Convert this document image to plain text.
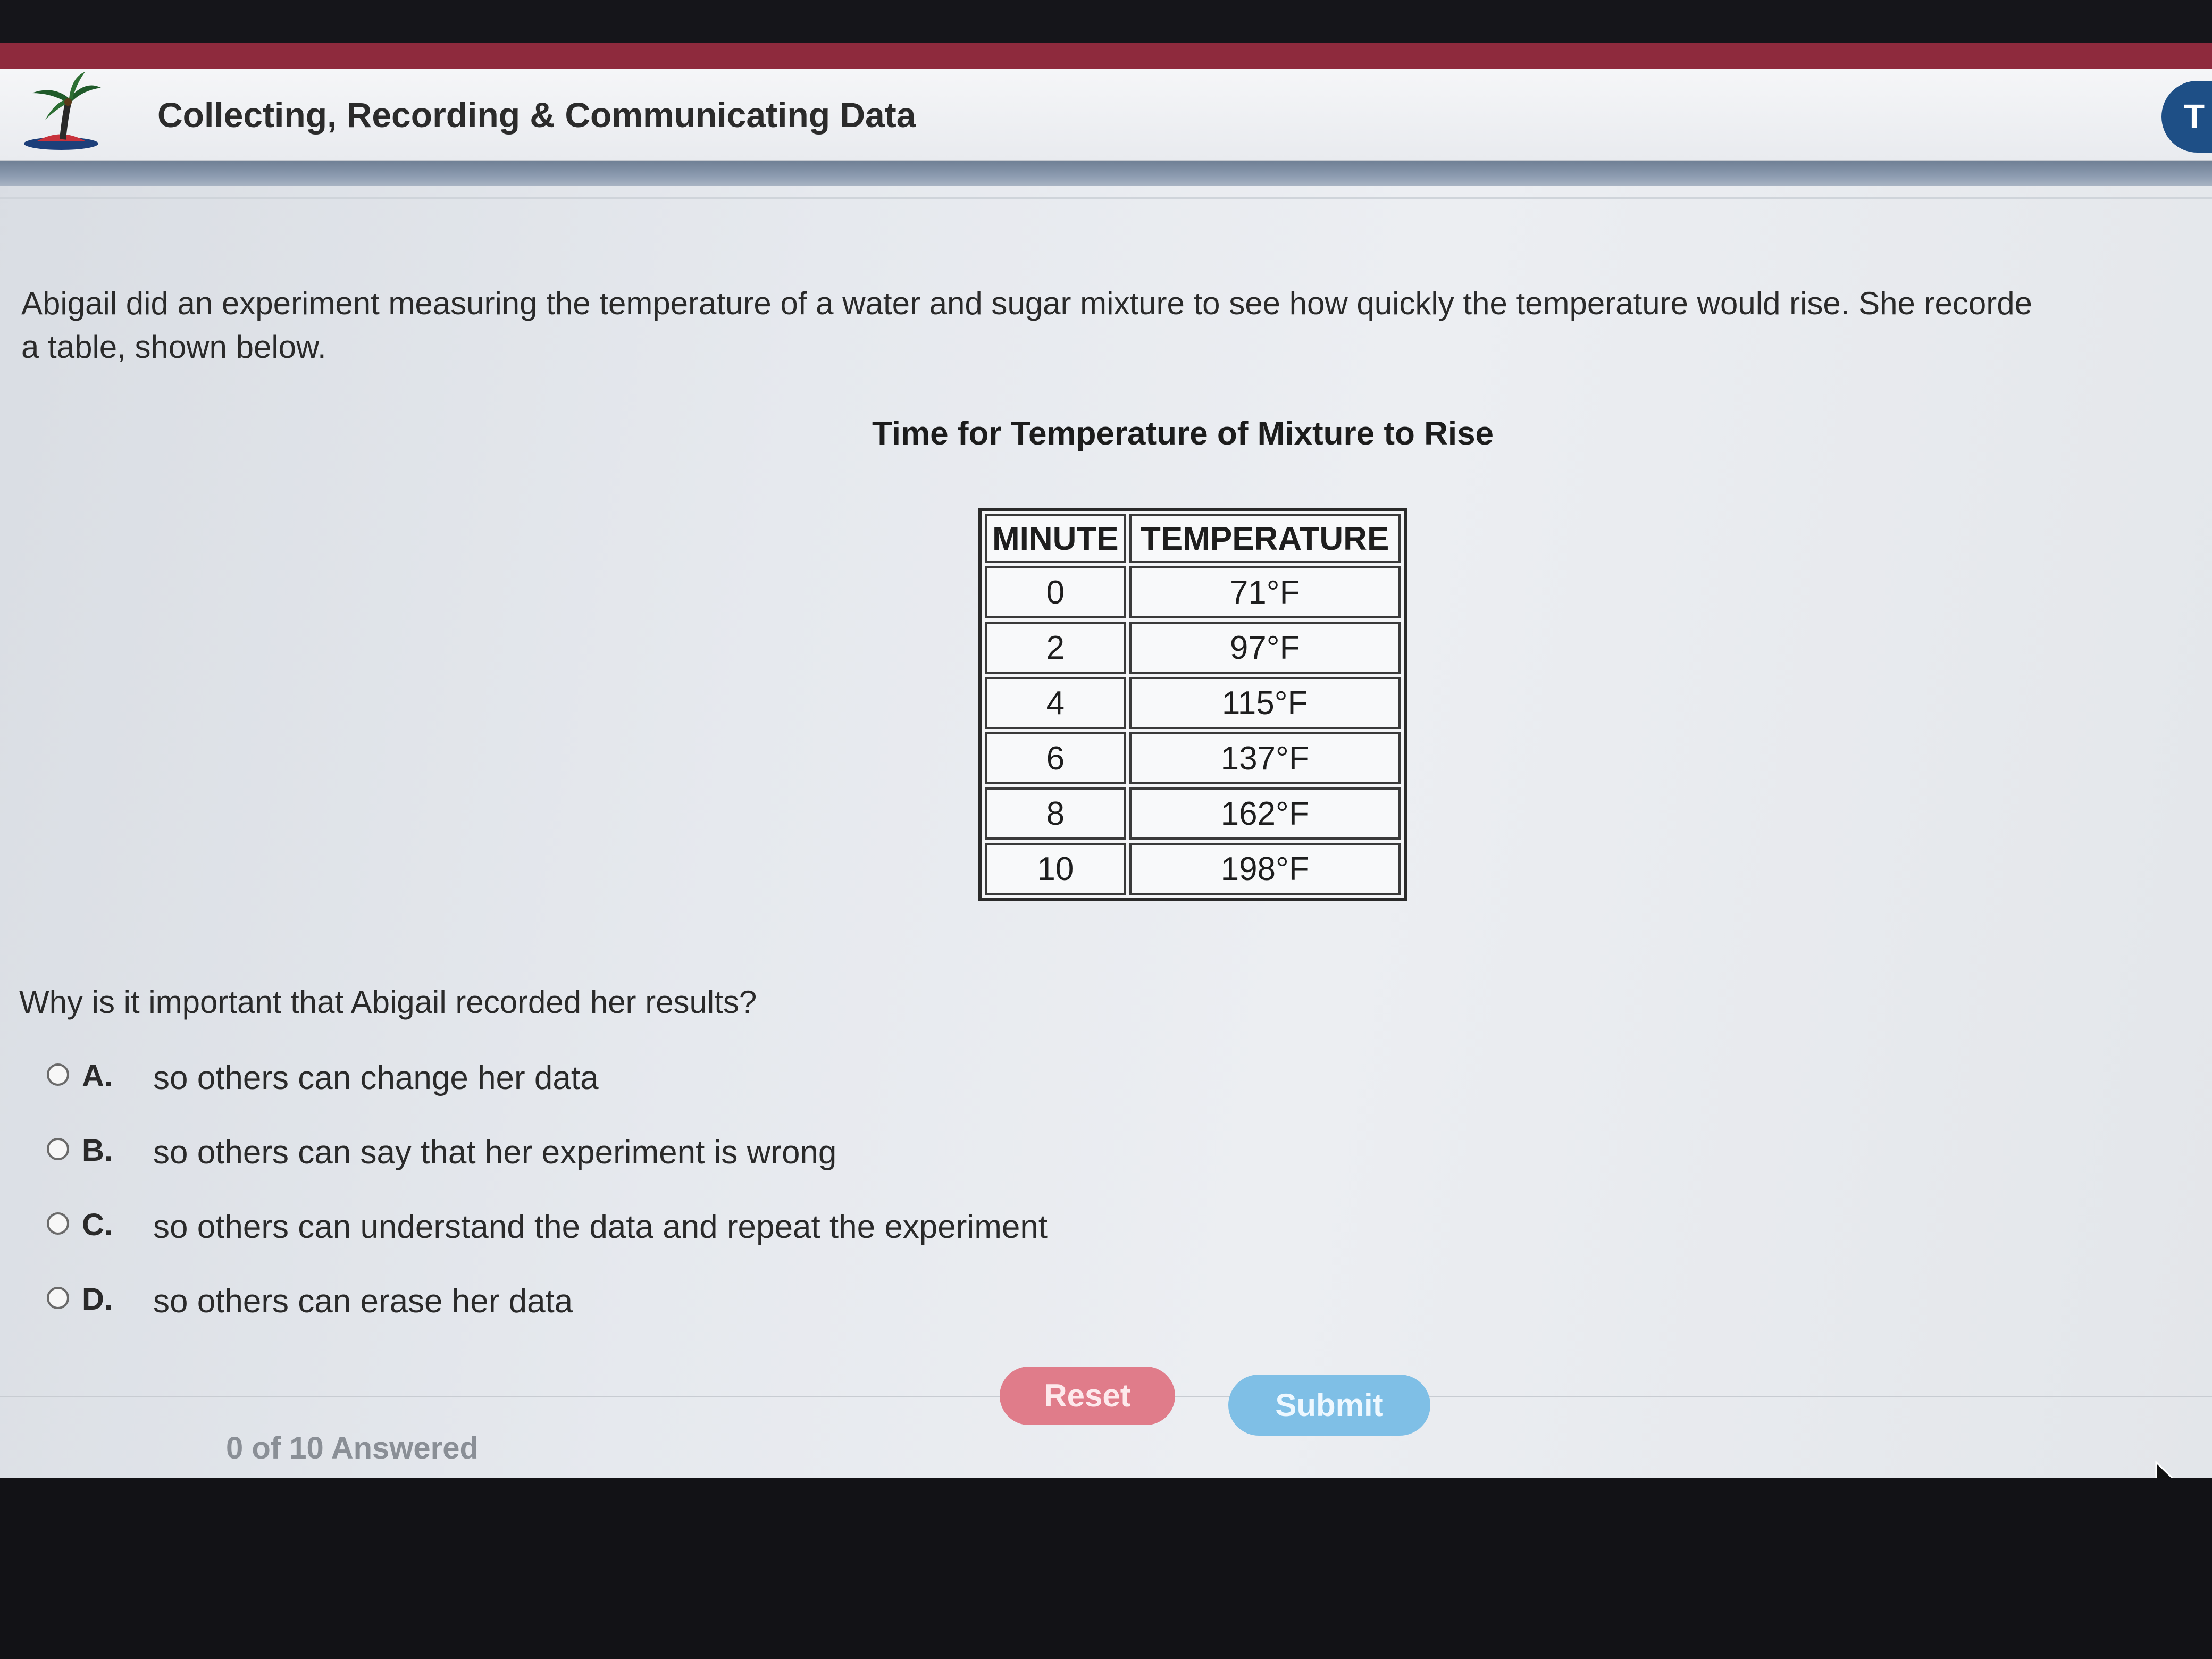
Collecting, Recording & Communicating Data	T
Abigail did an experiment measuring the temperature of a water and sugar mixture to see how quickly the temperature would rise. She recorde
a table, shown below.
Time for Temperature of Mixture to Rise
MINUTE	TEMPERATURE
0	71°F
2	97°F
4	115°F
6	137°F
8	162°F
10	198°F
Why is it important that Abigail recorded her results?
A. so others can change her data
B. so others can say that her experiment is wrong
C. so others can understand the data and repeat the experiment
D. so others can erase her data
Reset	Submit
0 of 10 Answered
